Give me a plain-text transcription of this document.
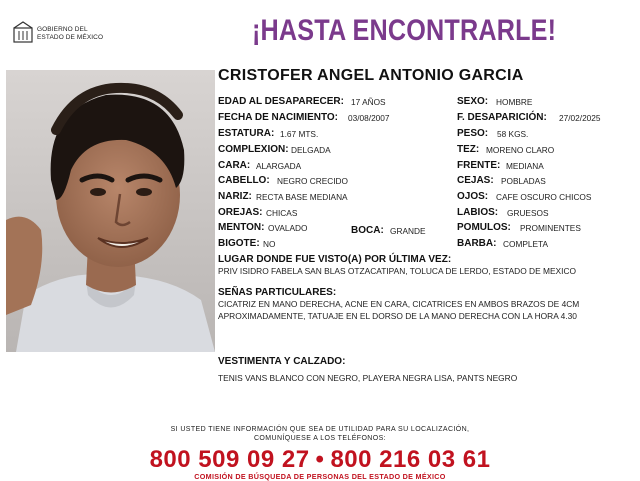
GOBIERNO DEL
ESTADO DE MÉXICO	¡HASTA ENCONTRARLE!
CRISTOFER ANGEL ANTONIO GARCIA
EDAD AL DESAPARECER: 17 AÑOS
FECHA DE NACIMIENTO: 03/08/2007
ESTATURA: 1.67 MTS.
COMPLEXION: DELGADA
CARA: ALARGADA
CABELLO: NEGRO CRECIDO
NARIZ: RECTA BASE MEDIANA
OREJAS: CHICAS
MENTON: OVALADO	BOCA: GRANDE
BIGOTE: NO
SEXO: HOMBRE
F. DESAPARICIÓN: 27/02/2025
PESO: 58 KGS.
TEZ: MORENO CLARO
FRENTE: MEDIANA
CEJAS: POBLADAS
OJOS: CAFE OSCURO CHICOS
LABIOS: GRUESOS
POMULOS: PROMINENTES
BARBA: COMPLETA
LUGAR DONDE FUE VISTO(A) POR ÚLTIMA VEZ:
PRIV ISIDRO FABELA SAN BLAS OTZACATIPAN, TOLUCA DE LERDO, ESTADO DE MEXICO
SEÑAS PARTICULARES:
CICATRIZ EN MANO DERECHA, ACNE EN CARA, CICATRICES EN AMBOS BRAZOS DE 4CM APROXIMADAMENTE, TATUAJE EN EL DORSO DE LA MANO DERECHA CON LA HORA 4.30
VESTIMENTA Y CALZADO:
TENIS VANS BLANCO CON NEGRO, PLAYERA NEGRA LISA, PANTS NEGRO
SI USTED TIENE INFORMACIÓN QUE SEA DE UTILIDAD PARA SU LOCALIZACIÓN,
COMUNÍQUESE A LOS TELÉFONOS:
800 509 09 27 • 800 216 03 61
COMISIÓN DE BÚSQUEDA DE PERSONAS DEL ESTADO DE MÉXICO
